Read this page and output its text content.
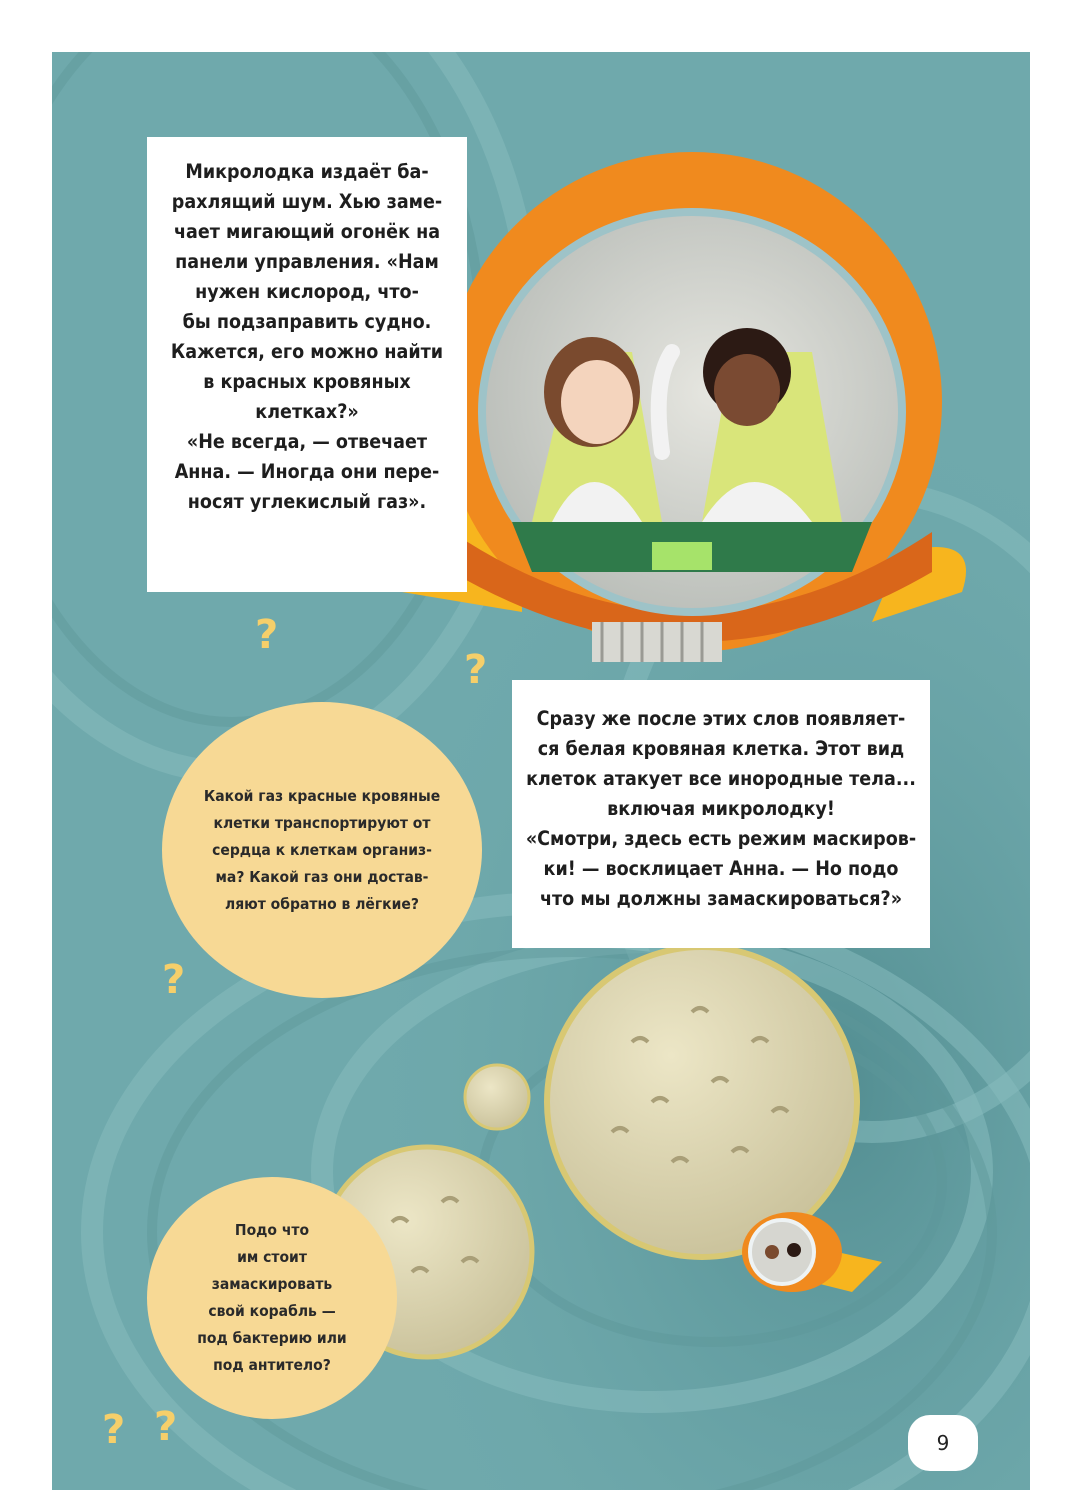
?
?
?
? ?
Микролодка издаёт ба-
рахлящий шум. Хью заме-
чает мигающий огонёк на
панели управления. «Нам
нужен кислород, что-
бы подзаправить судно.
Кажется, его можно найти
в красных кровяных
клетках?»
«Не всегда, — отвечает
Анна. — Иногда они пере-
носят углекислый газ».
Сразу же после этих слов появляет-
ся белая кровяная клетка. Этот вид
клеток атакует все инородные тела...
включая микролодку!
«Смотри, здесь есть режим маскиров-
ки! — восклицает Анна. — Но подо
что мы должны замаскироваться?»
Какой газ красные кровяные
клетки транспортируют от
сердца к клеткам организ-
ма? Какой газ они достав-
ляют обратно в лёгкие?
Подо что
им стоит
замаскировать
свой корабль —
под бактерию или
под антитело?
9
